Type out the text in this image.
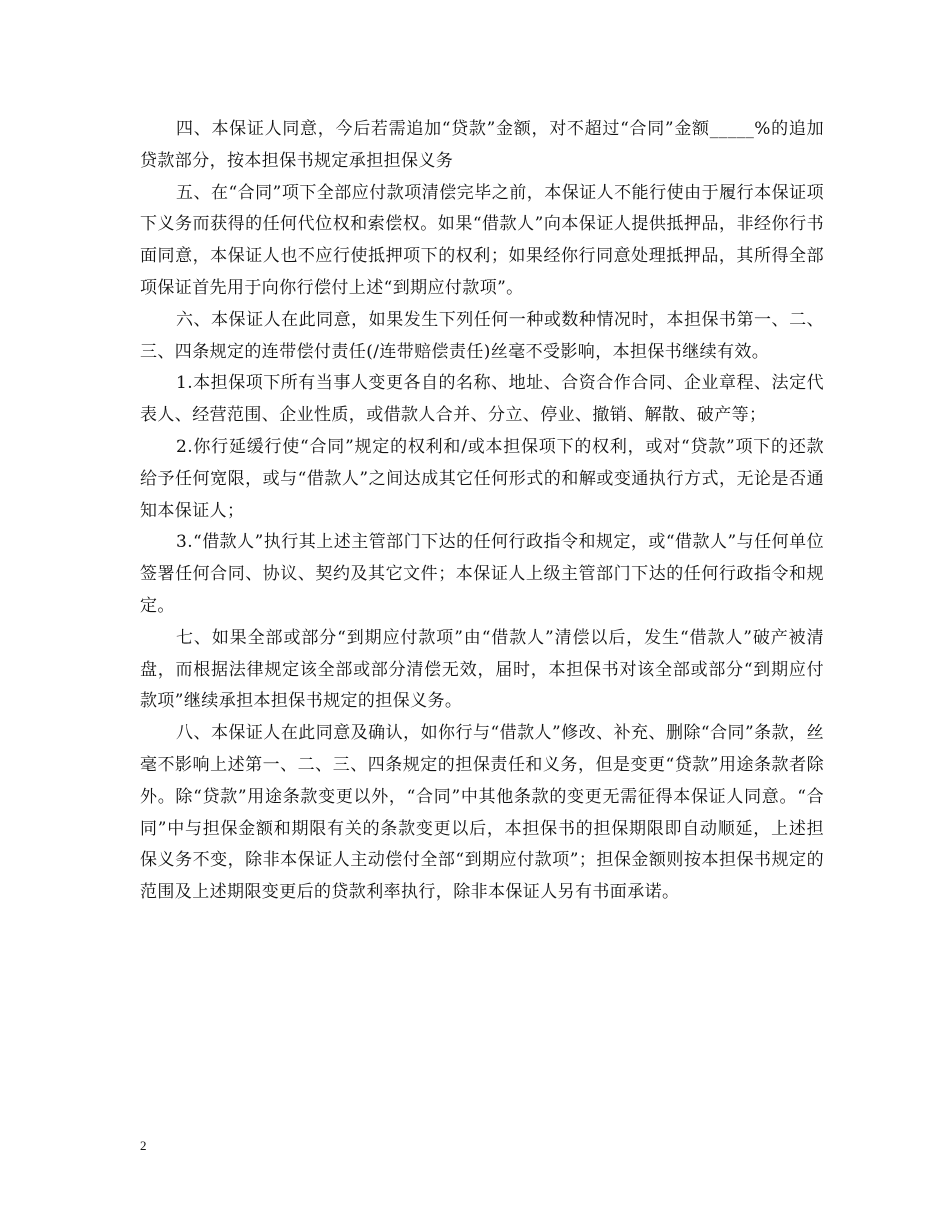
四、本保证人同意，今后若需追加“贷款”金额，对不超过“合同”金额_____%的追加贷款部分，按本担保书规定承担担保义务

五、在“合同”项下全部应付款项清偿完毕之前，本保证人不能行使由于履行本保证项下义务而获得的任何代位权和索偿权。如果“借款人”向本保证人提供抵押品，非经你行书面同意，本保证人也不应行使抵押项下的权利；如果经你行同意处理抵押品，其所得全部项保证首先用于向你行偿付上述“到期应付款项”。

六、本保证人在此同意，如果发生下列任何一种或数种情况时，本担保书第一、二、三、四条规定的连带偿付责任(/连带赔偿责任)丝毫不受影响，本担保书继续有效。

1.本担保项下所有当事人变更各自的名称、地址、合资合作合同、企业章程、法定代表人、经营范围、企业性质，或借款人合并、分立、停业、撤销、解散、破产等；

2.你行延缓行使“合同”规定的权利和/或本担保项下的权利，或对“贷款”项下的还款给予任何宽限，或与“借款人”之间达成其它任何形式的和解或变通执行方式，无论是否通知本保证人；

3.“借款人”执行其上述主管部门下达的任何行政指令和规定，或“借款人”与任何单位签署任何合同、协议、契约及其它文件；本保证人上级主管部门下达的任何行政指令和规定。

七、如果全部或部分“到期应付款项”由“借款人”清偿以后，发生“借款人”破产被清盘，而根据法律规定该全部或部分清偿无效，届时，本担保书对该全部或部分“到期应付款项”继续承担本担保书规定的担保义务。

八、本保证人在此同意及确认，如你行与“借款人”修改、补充、删除“合同”条款，丝毫不影响上述第一、二、三、四条规定的担保责任和义务，但是变更“贷款”用途条款者除外。除“贷款”用途条款变更以外，“合同”中其他条款的变更无需征得本保证人同意。“合同”中与担保金额和期限有关的条款变更以后，本担保书的担保期限即自动顺延，上述担保义务不变，除非本保证人主动偿付全部“到期应付款项”；担保金额则按本担保书规定的范围及上述期限变更后的贷款利率执行，除非本保证人另有书面承诺。

2
